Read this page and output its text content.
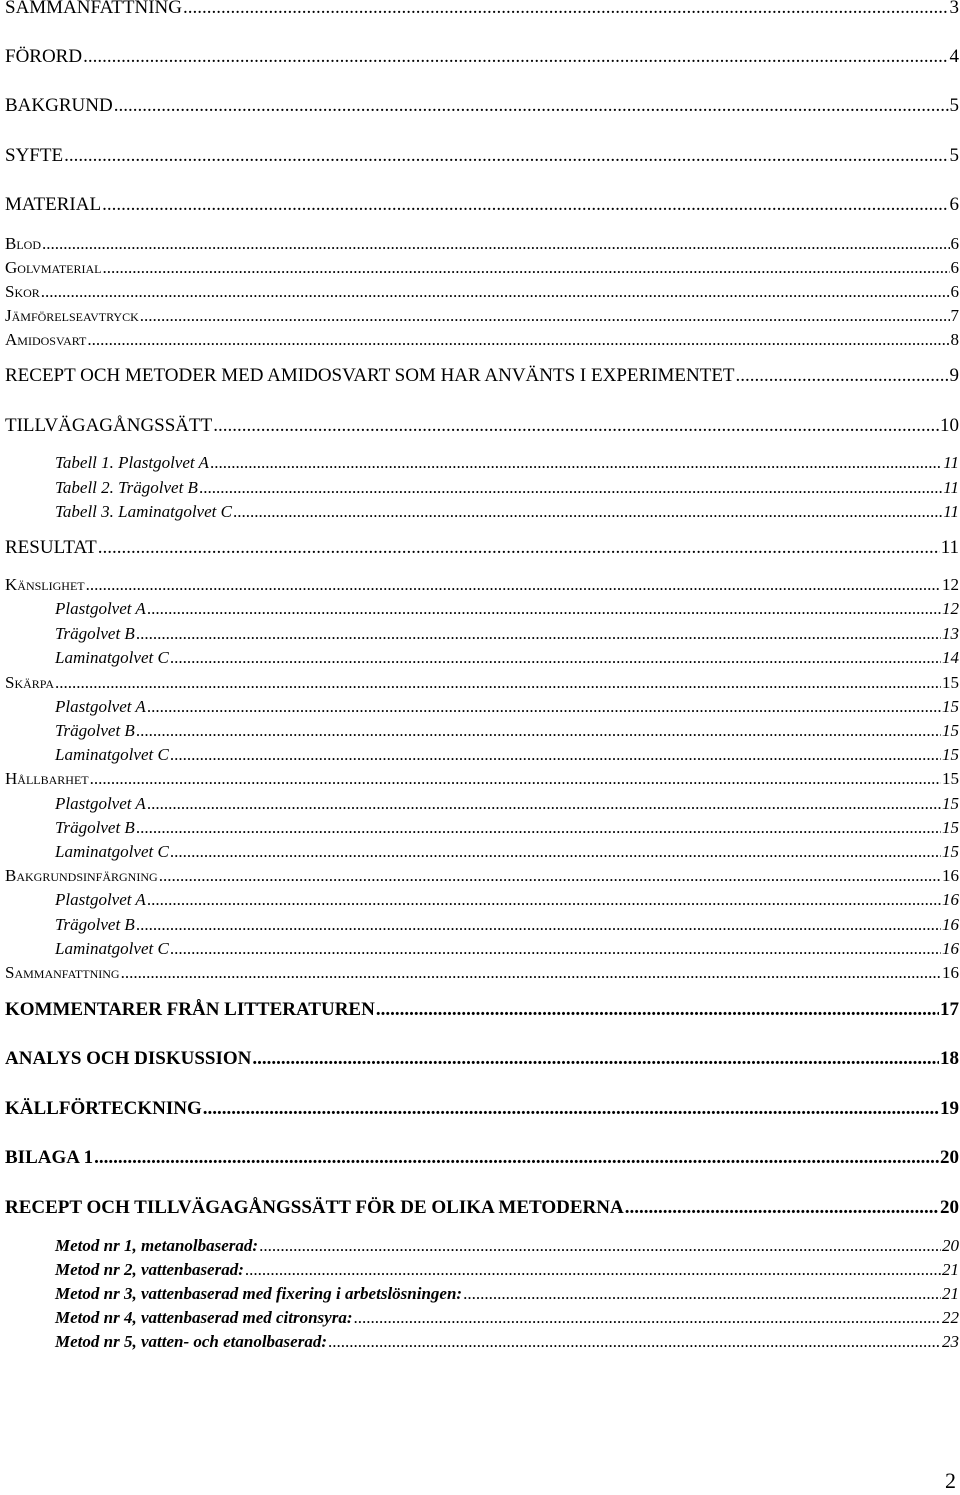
SAMMANFATTNING .....	3
FÖRORD .....	4
BAKGRUND .....	5
SYFTE .....	5
MATERIAL .....	6
Blod .....	6
Golvmaterial .....	6
Skor .....	6
Jämförelseavtryck .....	7
Amidosvart .....	8
RECEPT OCH METODER MED AMIDOSVART SOM HAR ANVÄNTS I EXPERIMENTET .....	9
TILLVÄGAGÅNGSSÄTT .....	10
Tabell 1. Plastgolvet A .....	11
Tabell 2. Trägolvet B .....	11
Tabell 3. Laminatgolvet C .....	11
RESULTAT .....	11
Känslighet .....	12
Plastgolvet A .....	12
Trägolvet B .....	13
Laminatgolvet C .....	14
Skärpa .....	15
Plastgolvet A .....	15
Trägolvet B .....	15
Laminatgolvet C .....	15
Hållbarhet .....	15
Plastgolvet A .....	15
Trägolvet B .....	15
Laminatgolvet C .....	15
Bakgrundsinfärgning .....	16
Plastgolvet A .....	16
Trägolvet B .....	16
Laminatgolvet C .....	16
Sammanfattning .....	16
KOMMENTARER FRÅN LITTERATUREN .....	17
ANALYS OCH DISKUSSION .....	18
KÄLLFÖRTECKNING .....	19
BILAGA 1 .....	20
RECEPT OCH TILLVÄGAGÅNGSSÄTT FÖR DE OLIKA METODERNA .....	20
Metod nr 1, metanolbaserad: .....	20
Metod nr 2, vattenbaserad: .....	21
Metod nr 3, vattenbaserad med fixering i arbetslösningen: .....	21
Metod nr 4, vattenbaserad med citronsyra: .....	22
Metod nr 5, vatten- och etanolbaserad: .....	23
2
